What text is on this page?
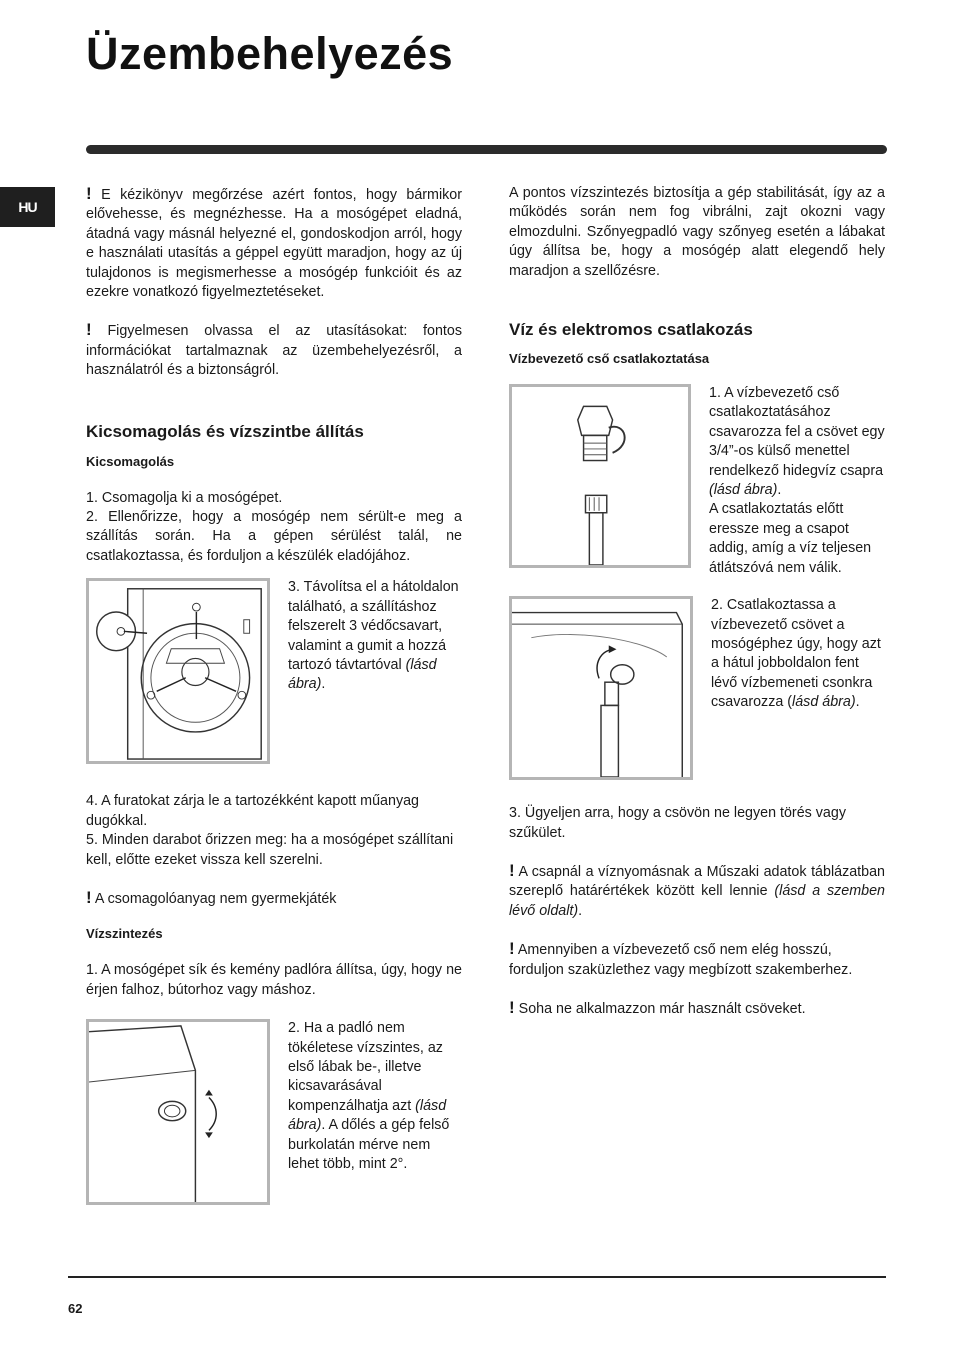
Üzembehelyezés
HU

! E kézikönyv megőrzése azért fontos, hogy bármikor elővehesse, és megnézhesse. Ha a mosógépet eladná, átadná vagy másnál helyezné el, gondoskodjon arról, hogy e használati utasítás a géppel együtt maradjon, hogy az új tulajdonos is megismerhesse a mosógép funkcióit és az ezekre vonatkozó figyelmeztetéseket.

! Figyelmesen olvassa el az utasításokat: fontos információkat tartalmaznak az üzembehelyezésről, a használatról és a biztonságról.

Kicsomagolás és vízszintbe állítás
Kicsomagolás

1. Csomagolja ki a mosógépet.

2. Ellenőrizze, hogy a mosógép nem sérült-e meg a szállítás során. Ha a gépen sérülést talál, ne csatlakoztassa, és forduljon a készülék eladójához.

3. Távolítsa el a hátoldalon található, a szállításhoz felszerelt 3 védőcsavart, valamint a gumit a hozzá tartozó távtartóval (lásd ábra).

4. A furatokat zárja le a tartozékként kapott műanyag dugókkal.

5. Minden darabot őrizzen meg: ha a mosógépet szállítani kell, előtte ezeket vissza kell szerelni.

! A csomagolóanyag nem gyermekjáték

Vízszintezés

1. A mosógépet sík és kemény padlóra állítsa, úgy, hogy ne érjen falhoz, bútorhoz vagy máshoz.

2. Ha a padló nem tökéletese vízszintes, az első lábak be-, illetve kicsavarásával kompenzálhatja azt (lásd ábra). A dőlés a gép felső burkolatán mérve nem lehet több, mint 2°.

A pontos vízszintezés biztosítja a gép stabilitását, így az a működés során nem fog vibrálni, zajt okozni vagy elmozdulni. Szőnyegpadló vagy szőnyeg esetén a lábakat úgy állítsa be, hogy a mosógép alatt elegendő hely maradjon a szellőzésre.

Víz és elektromos csatlakozás
Vízbevezető cső csatlakoztatása
1. A vízbevezető cső csatlakoztatásához csavarozza fel a csövet egy 3/4”-os külső menettel rendelkező hidegvíz csapra (lásd ábra).
A csatlakoztatás előtt eressze meg a csapot addig, amíg a víz teljesen átlátszóvá nem válik.
2. Csatlakoztassa a vízbevezető csövet a mosógéphez úgy, hogy azt a hátul jobboldalon fent lévő vízbemeneti csonkra csavarozza (lásd ábra).

3. Ügyeljen arra, hogy a csövön ne legyen törés vagy szűkület.

! A csapnál a víznyomásnak a Műszaki adatok táblázatban szereplő határértékek között kell lennie (lásd a szemben lévő oldalt).

! Amennyiben a vízbevezető cső nem elég hosszú, forduljon szaküzlethez vagy megbízott szakemberhez.

! Soha ne alkalmazzon már használt csöveket.

62
